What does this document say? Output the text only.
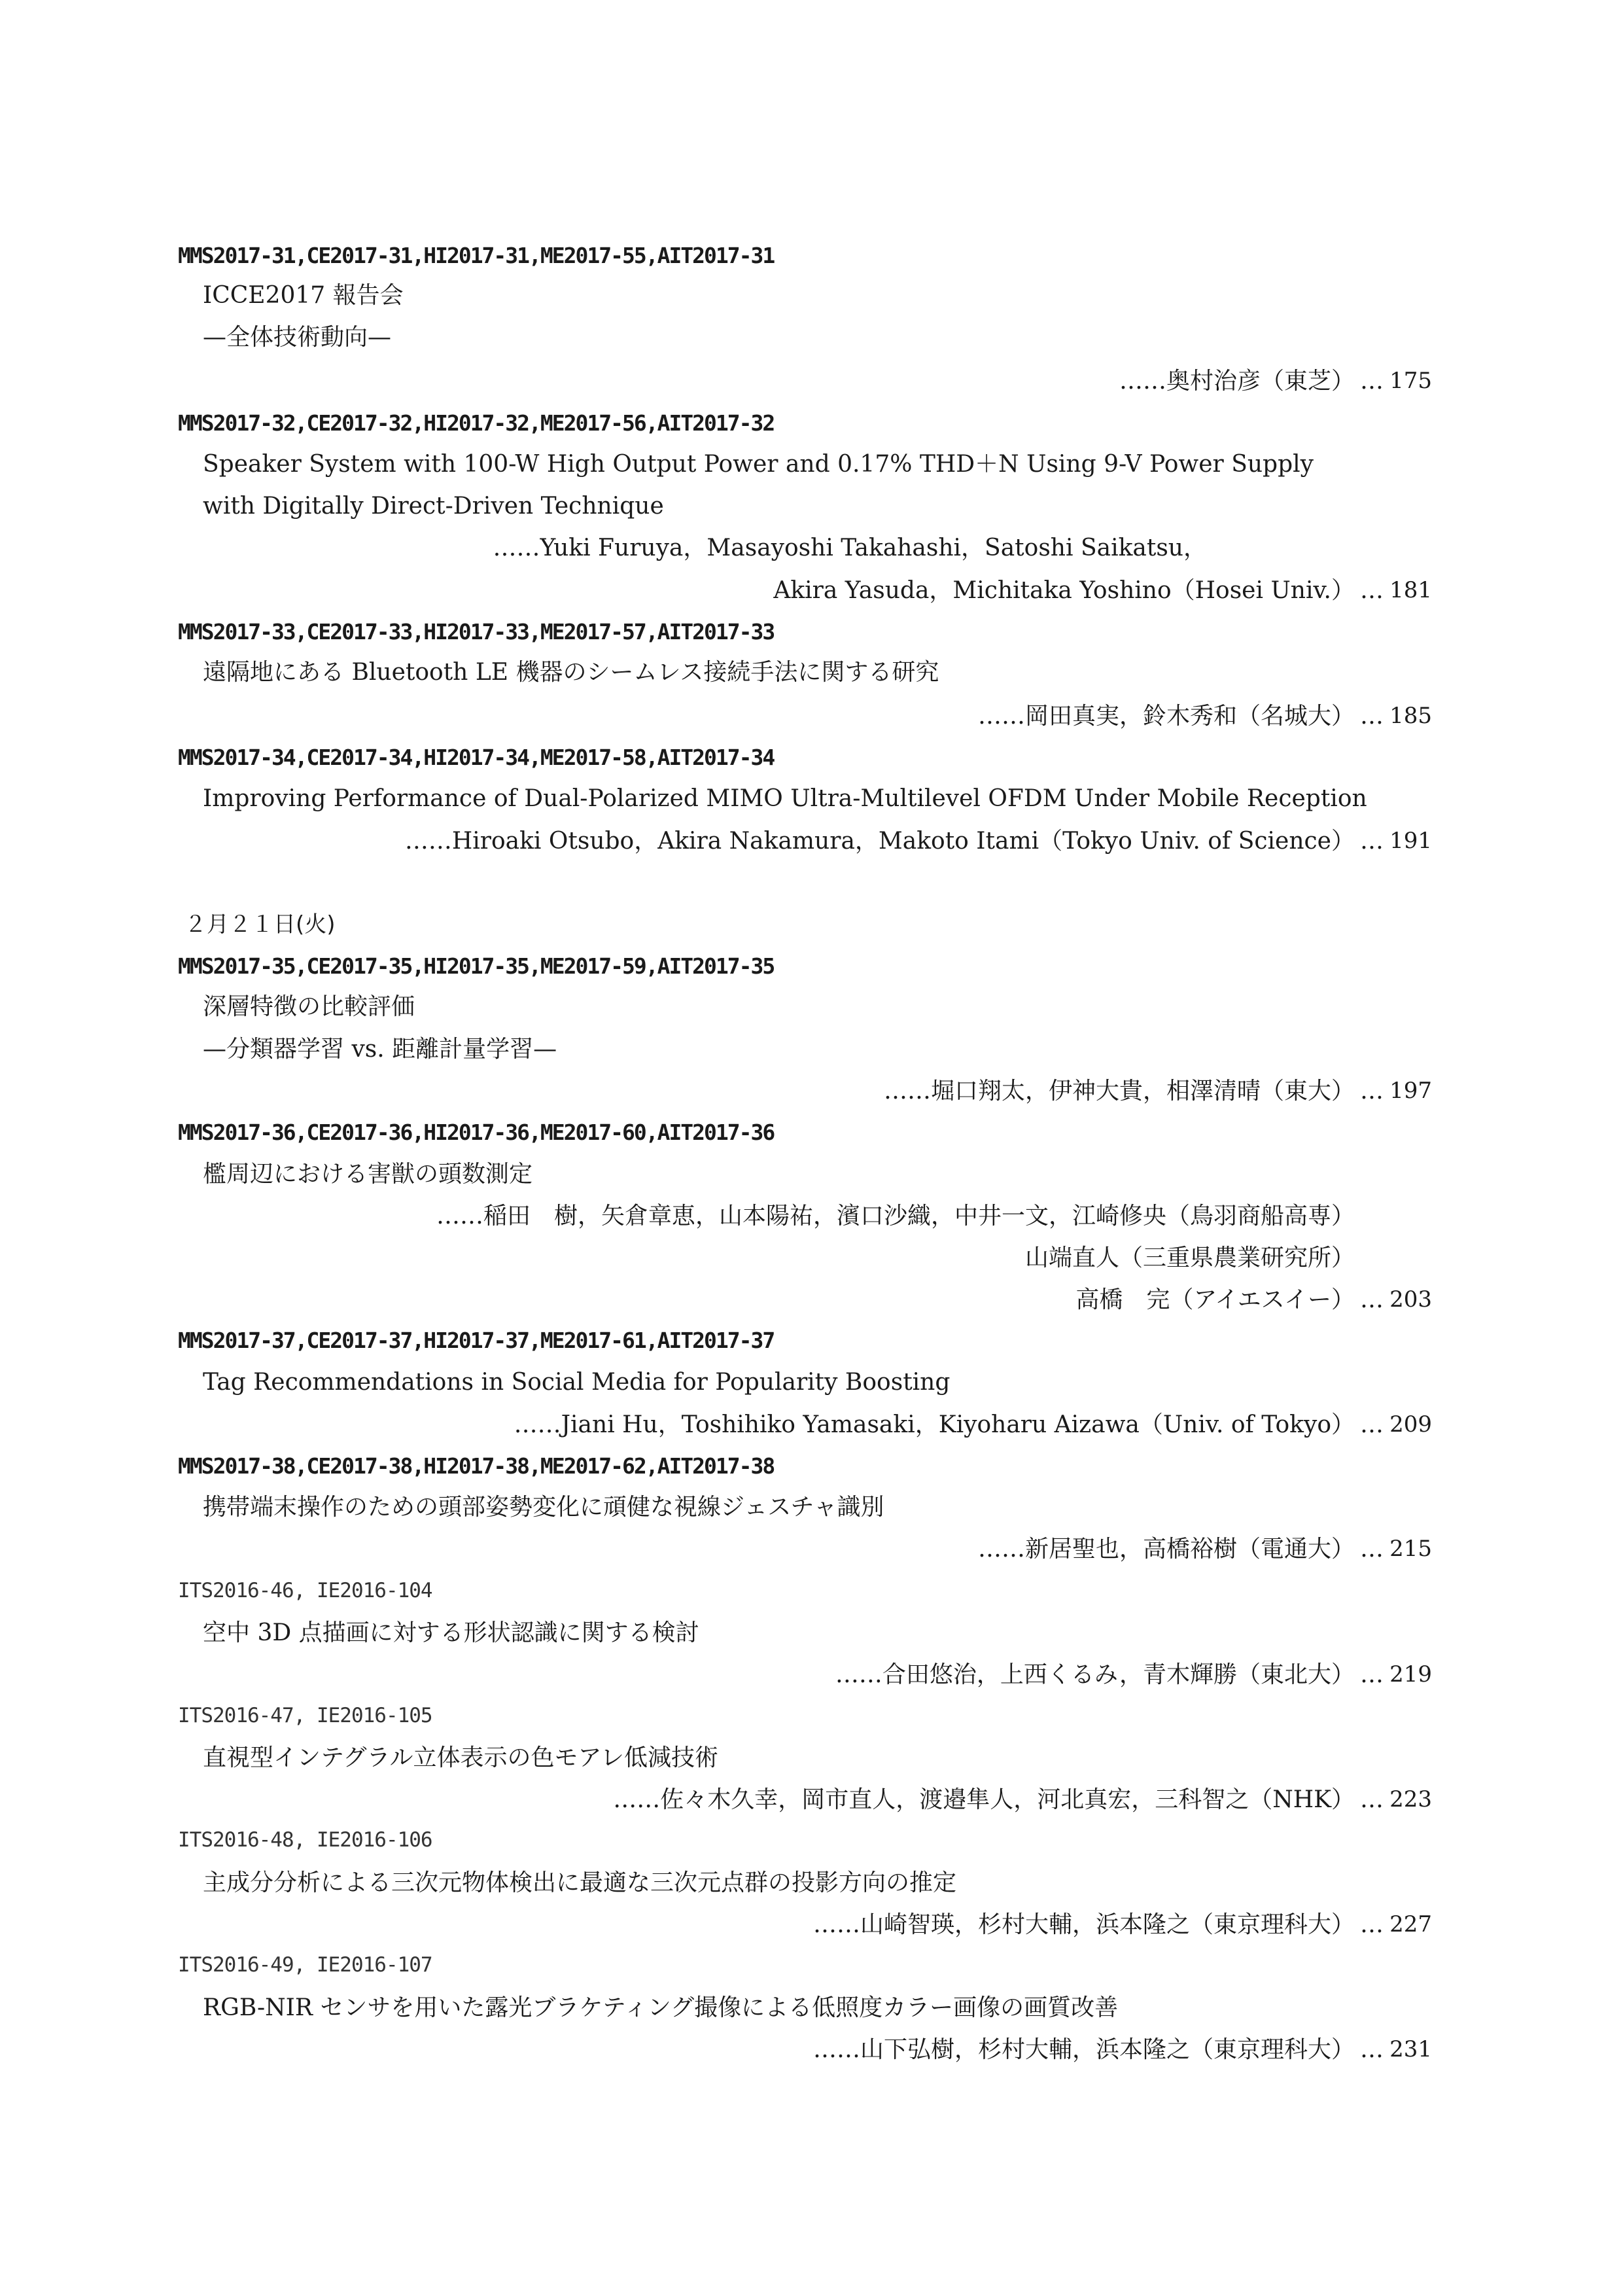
MMS2017-31,CE2017-31,HI2017-31,ME2017-55,AIT2017-31
ICCE2017 報告会
—全体技術動向—
……奥村治彦（東芝） … 175
MMS2017-32,CE2017-32,HI2017-32,ME2017-56,AIT2017-32
Speaker System with 100-W High Output Power and 0.17% THD＋N Using 9-V Power Supply
with Digitally Direct-Driven Technique
……Yuki Furuya，Masayoshi Takahashi，Satoshi Saikatsu，
Akira Yasuda，Michitaka Yoshino（Hosei Univ.） … 181
MMS2017-33,CE2017-33,HI2017-33,ME2017-57,AIT2017-33
遠隔地にある Bluetooth LE 機器のシームレス接続手法に関する研究
……岡田真実，鈴木秀和（名城大） … 185
MMS2017-34,CE2017-34,HI2017-34,ME2017-58,AIT2017-34
Improving Performance of Dual-Polarized MIMO Ultra-Multilevel OFDM Under Mobile Reception
……Hiroaki Otsubo，Akira Nakamura，Makoto Itami（Tokyo Univ. of Science） … 191
２月２１日(火)
MMS2017-35,CE2017-35,HI2017-35,ME2017-59,AIT2017-35
深層特徴の比較評価
—分類器学習 vs. 距離計量学習—
……堀口翔太，伊神大貴，相澤清晴（東大） … 197
MMS2017-36,CE2017-36,HI2017-36,ME2017-60,AIT2017-36
檻周辺における害獣の頭数測定
……稲田　樹，矢倉章恵，山本陽祐，濱口沙織，中井一文，江崎修央（鳥羽商船高専）
山端直人（三重県農業研究所）
高橋　完（アイエスイー） … 203
MMS2017-37,CE2017-37,HI2017-37,ME2017-61,AIT2017-37
Tag Recommendations in Social Media for Popularity Boosting
……Jiani Hu，Toshihiko Yamasaki，Kiyoharu Aizawa（Univ. of Tokyo） … 209
MMS2017-38,CE2017-38,HI2017-38,ME2017-62,AIT2017-38
携帯端末操作のための頭部姿勢変化に頑健な視線ジェスチャ識別
……新居聖也，高橋裕樹（電通大） … 215
ITS2016-46, IE2016-104
空中 3D 点描画に対する形状認識に関する検討
……合田悠治，上西くるみ，青木輝勝（東北大） … 219
ITS2016-47, IE2016-105
直視型インテグラル立体表示の色モアレ低減技術
……佐々木久幸，岡市直人，渡邉隼人，河北真宏，三科智之（NHK） … 223
ITS2016-48, IE2016-106
主成分分析による三次元物体検出に最適な三次元点群の投影方向の推定
……山崎智瑛，杉村大輔，浜本隆之（東京理科大） … 227
ITS2016-49, IE2016-107
RGB-NIR センサを用いた露光ブラケティング撮像による低照度カラー画像の画質改善
……山下弘樹，杉村大輔，浜本隆之（東京理科大） … 231
